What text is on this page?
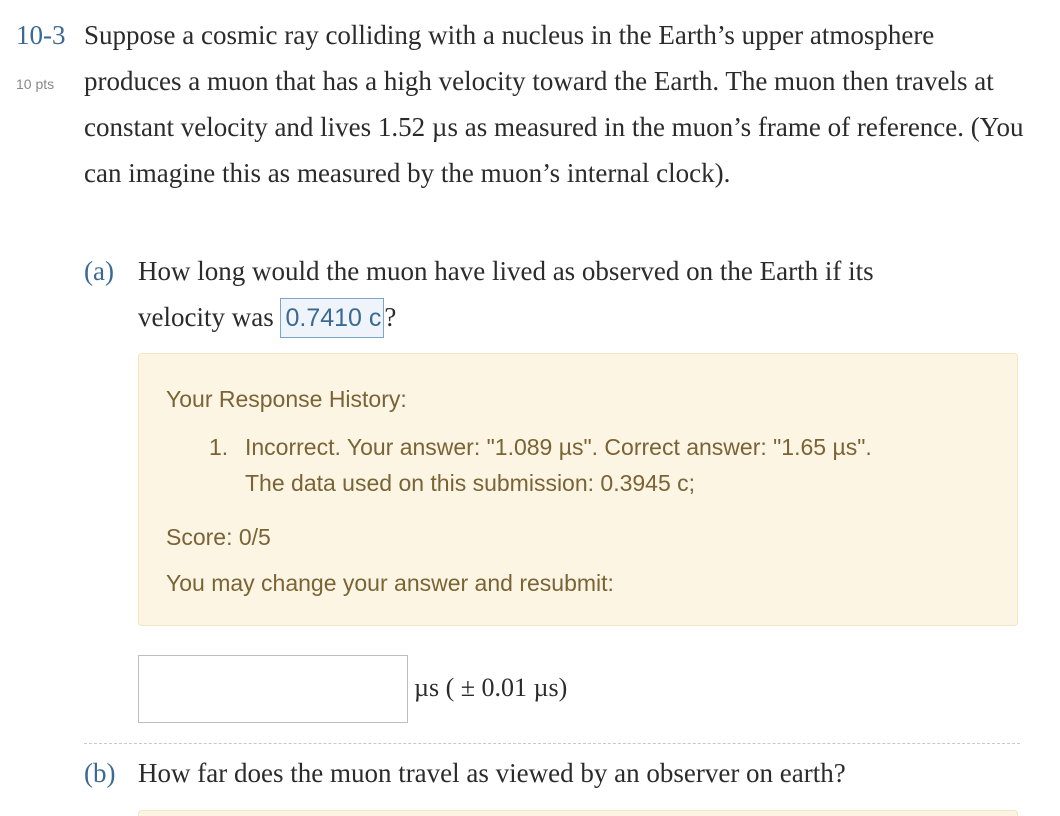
10-3
10 pts
Suppose a cosmic ray colliding with a nucleus in the Earth’s upper atmosphere produces a muon that has a high velocity toward the Earth. The muon then travels at constant velocity and lives 1.52 µs as measured in the muon’s frame of reference. (You can imagine this as measured by the muon’s internal clock).
(a) How long would the muon have lived as observed on the Earth if its
velocity was 0.7410 c ?
Your Response History:
1. Incorrect. Your answer: "1.089 µs". Correct answer: "1.65 µs".
The data used on this submission: 0.3945 c;
Score: 0/5
You may change your answer and resubmit:
µs ( ± 0.01 µs)
(b) How far does the muon travel as viewed by an observer on earth?
